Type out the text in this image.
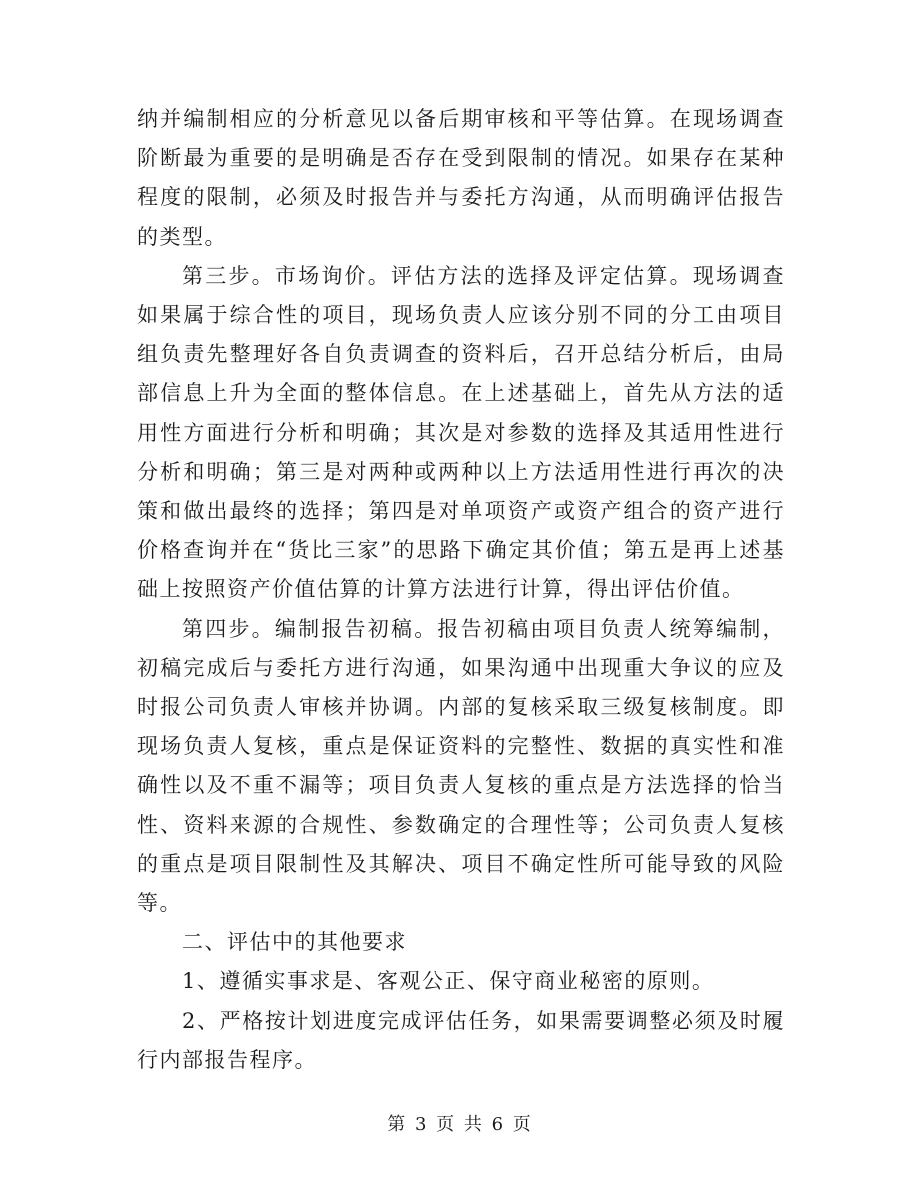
纳并编制相应的分析意见以备后期审核和平等估算。在现场调查阶断最为重要的是明确是否存在受到限制的情况。如果存在某种程度的限制，必须及时报告并与委托方沟通，从而明确评估报告的类型。

第三步。市场询价。评估方法的选择及评定估算。现场调查如果属于综合性的项目，现场负责人应该分别不同的分工由项目组负责先整理好各自负责调查的资料后，召开总结分析后，由局部信息上升为全面的整体信息。在上述基础上，首先从方法的适用性方面进行分析和明确；其次是对参数的选择及其适用性进行分析和明确；第三是对两种或两种以上方法适用性进行再次的决策和做出最终的选择；第四是对单项资产或资产组合的资产进行价格查询并在“货比三家”的思路下确定其价值；第五是再上述基础上按照资产价值估算的计算方法进行计算，得出评估价值。

第四步。编制报告初稿。报告初稿由项目负责人统筹编制，初稿完成后与委托方进行沟通，如果沟通中出现重大争议的应及时报公司负责人审核并协调。内部的复核采取三级复核制度。即现场负责人复核，重点是保证资料的完整性、数据的真实性和准确性以及不重不漏等；项目负责人复核的重点是方法选择的恰当性、资料来源的合规性、参数确定的合理性等；公司负责人复核的重点是项目限制性及其解决、项目不确定性所可能导致的风险等。

二、评估中的其他要求

1、遵循实事求是、客观公正、保守商业秘密的原则。

2、严格按计划进度完成评估任务，如果需要调整必须及时履行内部报告程序。

第 3 页 共 6 页
